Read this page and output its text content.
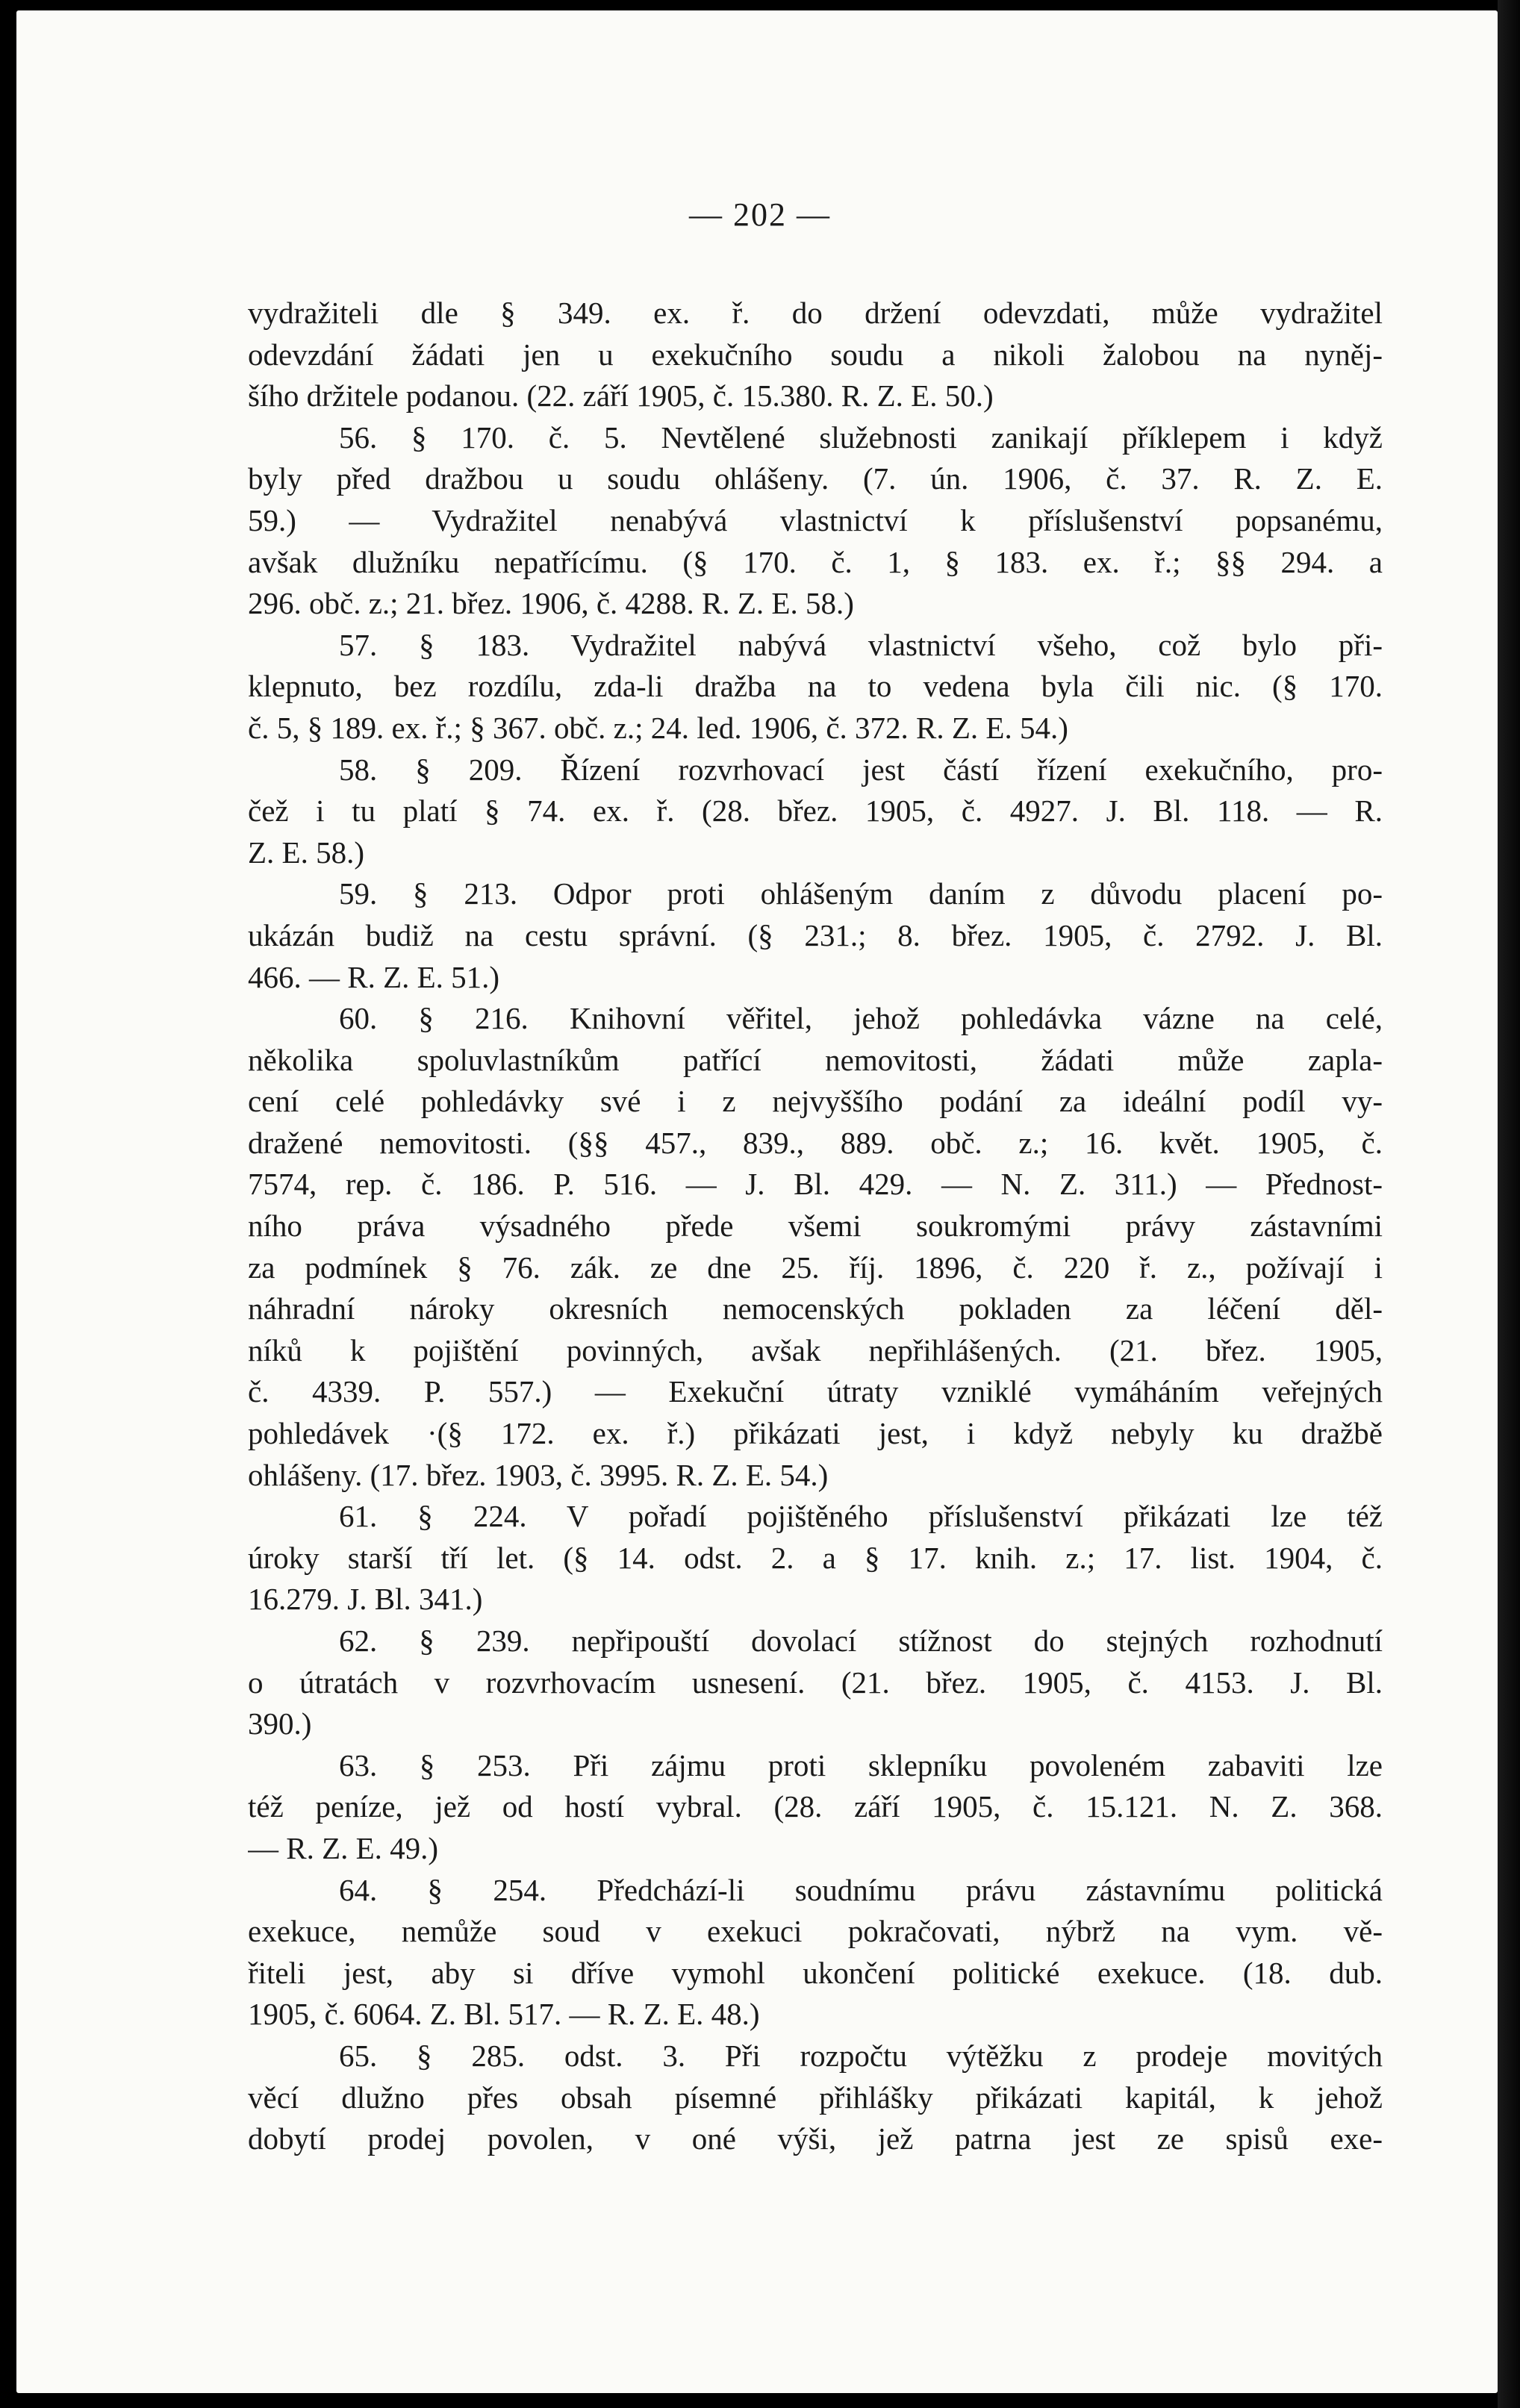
— 202 —
vydražiteli dle § 349. ex. ř. do držení odevzdati, může vydražitel
odevzdání žádati jen u exekučního soudu a nikoli žalobou na nyněj-
šího držitele podanou. (22. září 1905, č. 15.380. R. Z. E. 50.)
56. § 170. č. 5. Nevtělené služebnosti zanikají příklepem i když
byly před dražbou u soudu ohlášeny. (7. ún. 1906, č. 37. R. Z. E.
59.) — Vydražitel nenabývá vlastnictví k příslušenství popsanému,
avšak dlužníku nepatřícímu. (§ 170. č. 1, § 183. ex. ř.; §§ 294. a
296. obč. z.; 21. břez. 1906, č. 4288. R. Z. E. 58.)
57. § 183. Vydražitel nabývá vlastnictví všeho, což bylo při-
klepnuto, bez rozdílu, zda-li dražba na to vedena byla čili nic. (§ 170.
č. 5, § 189. ex. ř.; § 367. obč. z.; 24. led. 1906, č. 372. R. Z. E. 54.)
58. § 209. Řízení rozvrhovací jest částí řízení exekučního, pro-
čež i tu platí § 74. ex. ř. (28. břez. 1905, č. 4927. J. Bl. 118. — R.
Z. E. 58.)
59. § 213. Odpor proti ohlášeným daním z důvodu placení po-
ukázán budiž na cestu správní. (§ 231.; 8. břez. 1905, č. 2792. J. Bl.
466. — R. Z. E. 51.)
60. § 216. Knihovní věřitel, jehož pohledávka vázne na celé,
několika spoluvlastníkům patřící nemovitosti, žádati může zapla-
cení celé pohledávky své i z nejvyššího podání za ideální podíl vy-
dražené nemovitosti. (§§ 457., 839., 889. obč. z.; 16. květ. 1905, č.
7574, rep. č. 186. P. 516. — J. Bl. 429. — N. Z. 311.) — Přednost-
ního práva výsadného přede všemi soukromými právy zástavními
za podmínek § 76. zák. ze dne 25. říj. 1896, č. 220 ř. z., požívají i
náhradní nároky okresních nemocenských pokladen za léčení děl-
níků k pojištění povinných, avšak nepřihlášených. (21. břez. 1905,
č. 4339. P. 557.) — Exekuční útraty vzniklé vymáháním veřejných
pohledávek ·(§ 172. ex. ř.) přikázati jest, i když nebyly ku dražbě
ohlášeny. (17. břez. 1903, č. 3995. R. Z. E. 54.)
61. § 224. V pořadí pojištěného příslušenství přikázati lze též
úroky starší tří let. (§ 14. odst. 2. a § 17. knih. z.; 17. list. 1904, č.
16.279. J. Bl. 341.)
62. § 239. nepřipouští dovolací stížnost do stejných rozhodnutí
o útratách v rozvrhovacím usnesení. (21. břez. 1905, č. 4153. J. Bl.
390.)
63. § 253. Při zájmu proti sklepníku povoleném zabaviti lze
též peníze, jež od hostí vybral. (28. září 1905, č. 15.121. N. Z. 368.
— R. Z. E. 49.)
64. § 254. Předchází-li soudnímu právu zástavnímu politická
exekuce, nemůže soud v exekuci pokračovati, nýbrž na vym. vě-
řiteli jest, aby si dříve vymohl ukončení politické exekuce. (18. dub.
1905, č. 6064. Z. Bl. 517. — R. Z. E. 48.)
65. § 285. odst. 3. Při rozpočtu výtěžku z prodeje movitých
věcí dlužno přes obsah písemné přihlášky přikázati kapitál, k jehož
dobytí prodej povolen, v oné výši, jež patrna jest ze spisů exe-
